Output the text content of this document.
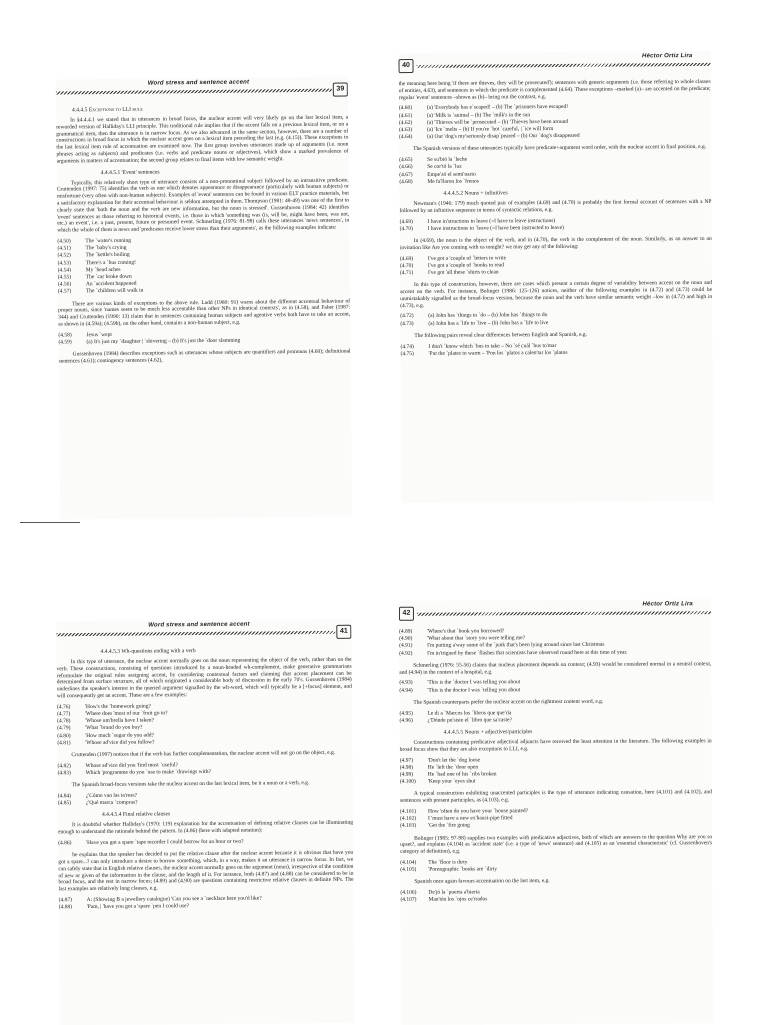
Word stress and sentence accent
39
4.4.4.5 Exceptions to LLI rule

In §4.4.4.1 we stated that in utterances in broad focus, the nuclear accent will very likely go on the last lexical item, a reworded version of Halliday's LLI principle. This traditional rule implies that if the accent falls on a previous lexical item, or on a grammatical item, then the utterance is in narrow focus. As we also advanced in the same section, however, there are a number of constructions in broad focus in which the nuclear accent goes on a lexical item preceding the last (e.g. (4.15)). These exceptions to the last lexical item rule of accentuation are examined now. The first group involves utterances made up of arguments (i.e. noun phrases acting as subjects) and predicates (i.e. verbs and predicate nouns or adjectives), which show a marked prevalence of arguments in matters of accentuation; the second group relates to final items with low semantic weight.

4.4.4.5.1 'Event' sentences

Typically, this relatively short type of utterance consists of a non-pronominal subject followed by an intransitive predicate. Cruttenden (1997: 75) identifies the verb as one which denotes appearance or disappearance (particularly with human subjects) or misfortune (very often with non-human subjects). Examples of 'event' sentences can be found in various ELT practice materials, but a satisfactory explanation for their accentual behaviour is seldom attempted in them. Thompson (1981: 48-49) was one of the first to clearly state that 'both the noun and the verb are new information, but the noun is stressed'. Gussenhoven (1984: 42) identifies 'event' sentences as those referring to historical events, i.e. those in which 'something was (is, will be, might have been, was not, etc.) an event', i.e. a past, present, future or presumed event. Schmerling (1976: 81-98) calls these utterances 'news sentences', in which the whole of them is news and 'predicates receive lower stress than their arguments', as the following examples indicate:

(4.50)	The ˋwater's running
(4.51)	The ˋbaby's crying
(4.52)	The ˋkettle's boiling
(4.53)	There's a ˋbus coming!
(4.54)	My ˋhead aches
(4.55)	The ˋcar broke down
(4.56)	An ˋaccident happened
(4.57)	The ˋchildren will walk in

There are various kinds of exceptions to the above rule. Ladd (1980: 91) warns about the different accentual behaviour of proper nouns, since 'names seem to be much less accentable than other NPs in identical contexts', as in (4.58), and Faber (1987: 344) and Cruttenden (1990: 13) claim that in sentences containing human subjects and agentive verbs both have to take an accent, as shown in (4.59a); (4.59b), on the other hand, contains a non-human subject, e.g.

(4.58)	Jesus ˋwept
(4.59)	(a) It's just my ˋdaughter | ˋshivering – (b) It's just the ˋdoor slamming

Gussenhoven (1984) describes exceptions such as utterances whose subjects are quantifiers and pronouns (4.60); definitional sentences (4.61); contingency sentences (4.62),

40
Héctor Ortiz Lira

the meaning here being 'if there are thieves, they will be prosecuted'); sentences with generic arguments (i.e. those referring to whole classes of entities, 4.63), and sentences in which the predicate is complemented (4.64). These exceptions –marked (a)– are accented on the predicate; regular 'event' sentences –shown as (b)– bring out the contrast, e.g.

(4.60)	(a) 'Everybody has eˋscaped! – (b) The ˋprisoners have escaped!
(4.61)	(a) 'Milk is ˋanimal – (b) The ˋmilk's in the sun
(4.62)	(a) 'Thieves will be ˋprosecuted – (b) 'Thieves have been around
(4.63)	(a) 'Ice ˋmelts – (b) If you're ˋhot ˋcareful, | ˋice will form
(4.64)	(a) Our 'dog's my'seriously disapˋpeared – (b) Our ˋdog's disappeared

The Spanish versions of these utterances typically have predicate+argument word order, with the nuclear accent in final position, e.g.

(4.65)	Se su'bió la ˋleche
(4.66)	Se cor'tó la ˋluz
(4.67)	Empe'zó el semi'nario
(4.68)	Me fa'llaron los ˋfrenos
4.4.4.5.2 Nouns + infinitives

Newman's (1946: 179) much quoted pair of examples (4.69) and (4.70) is probably the first formal account of sentences with a NP followed by an infinitive sequence in terms of syntactic relations, e.g.

(4.69)	I have in'structions to leave (=I have to leave instructions)
(4.70)	I have instructions to ˋleave (=I have been instructed to leave)

In (4.69), the noun is the object of the verb, and in (4.70), the verb is the complement of the noun. Similarly, as an answer to an invitation like Are you coming with us tonight? we may get any of the following:

(4.69)	I've got a 'couple of ˋletters to write
(4.70)	I've got a 'couple of ˋbooks to read
(4.71)	I've got 'all these ˋshirts to clean

In this type of construction, however, there are cases which present a certain degree of variability between accent on the noun and accent on the verb. For instance, Bolinger (1986: 125-126) notices, neither of the following examples in (4.72) and (4.73) could be unmistakably signalled as the broad-focus version, because the noun and the verb have similar semantic weight –low in (4.72) and high in (4.73), e.g.

(4.72)	(a) John has ˋthings to ˋdo – (b) John has ˋthings to do
(4.73)	(a) John has a ˋlife to ˋlive – (b) John has a ˋlife to live

The following pairs reveal clear differences between English and Spanish, e.g.

(4.74)	I don't ˋknow which ˋbus to take – No ˋsé cuál ˋbus to'mar
(4.75)	'Put the ˋplates to warm – 'Pon los ˋplatos a calen'tar los ˋplatos
Word stress and sentence accent
41
4.4.4.5.3 Wh-questions ending with a verb

In this type of utterance, the nuclear accent normally goes on the noun representing the object of the verb, rather than on the verb. These constructions, consisting of questions introduced by a noun-headed wh-complement, make generative grammarians reformulate the original rules assigning accent, by considering contextual factors and claiming that accent placement can be determined from surface structure, all of which originated a considerable body of discussion in the early 70's. Gussenhoven (1984) underlines the speaker's interest in the queried argument signalled by the wh-word, which will typically be a [+focus] element, and will consequently get an accent. These are a few examples:

(4.76)	'How's the ˋhomework going?
(4.77)	'Where does 'most of our ˋfruit go to?
(4.78)	'Whose um'brella have I taken?
(4.79)	'What ˋbrand do you buy?
(4.80)	'How much ˋsugar do you add?
(4.81)	'Whose ad'vice did you follow?

Cruttenden (1997) notices that if the verb has further complementation, the nuclear accent will not go on the object, e.g.

(4.82)	Whose ad'vice did you 'find most ˋuseful?
(4.83)	Which 'programme do you ˋuse to make ˋdrawings with?

The Spanish broad-focus versions take the nuclear accent on the last lexical item, be it a noun or a verb, e.g.

(4.84)	¿'Cómo van las ta'reas?
(4.85)	¿'Qué marca ˋcompras?
4.4.4.5.4 Final relative clauses

It is doubtful whether Halliday's (1970: 119) explanation for the accentuation of defining relative clauses can be illuminating enough to understand the rationale behind the pattern. In (4.86) (here with adapted notation):

(4.86)	'Have you got a spare ˋtape recorder I could borrow for an hour or two?

he explains that the speaker has decided to put the relative clause after the nuclear accent because it is obvious that have you got a spare...? can only introduce a desire to borrow something, which, in a way, makes it an utterance in narrow focus. In fact, we can safely state that in English relative clauses, the nuclear accent normally goes on the argument (noun), irrespective of the condition of new or given of the information in the clause, and the length of it. For instance, both (4.87) and (4.88) can be considered to be in broad focus, and the rest in narrow focus; (4.89) and (4.90) are questions containing restrictive relative clauses in definite NPs. The last examples are relatively long clauses, e.g.

(4.87)	A: (Showing B a jewellery catalogue) 'Can you see a ˋnecklace here you'd like?
(4.88)	'Pam, | 'have you got a 'spare ˋpen I could use?
42
Héctor Ortiz Lira
(4.89)	'Where's that ˋbook you borrowed?
(4.90)	'What about that ˋstory you were telling me?
(4.91)	I'm putting a'way some of the ˋjunk that's been lying around since last Christmas
(4.92)	I'm in'trigued by these ˋflashes that scientists have observed round here at this time of year.

Schmerling (1976: 55-56) claims that nucleus placement depends on context; (4.93) would be considered normal in a neutral context, and (4.94) in the context of a hospital, e.g.

(4.93)	'This is the ˋdoctor I was telling you about
(4.94)	'This is the doctor I was ˋtelling you about

The Spanish counterparts prefer the nuclear accent on the rightmost content word, e.g.

(4.95)	Le di a ˋMarcos los ˋlibros que que'ría
(4.96)	¿'Dónde pu'siste el ˋlibro que sa'caste?
4.4.4.5.5 Nouns + adjectives/participles

Constructions containing predicative adjectival adjuncts have received the least attention in the literature. The following examples in broad focus show that they are also exceptions to LLI, e.g.

(4.97)	'Don't let the ˋdog loose
(4.98)	He ˋleft the ˋdoor open
(4.99)	He ˋhad one of his ˋribs broken
(4.100)	'Keep your ˋeyes shut

A typical construction exhibiting unaccented participles is the type of utterance indicating causation, here (4.101) and (4.102), and sentences with present participles, as (4.103), e.g.

(4.101)	How 'often do you have your ˋhouse painted?
(4.102)	I 'must have a new ex'haust-pipe fitted
(4.103)	'Get the ˋfire going

Bolinger (1985: 97-98) supplies two examples with predicative adjectives, both of which are answers to the question Why are you so upset?, and explains (4.104) as 'accident state' (i.e. a type of 'news' sentence) and (4.105) as an 'essential characteristic' (cf. Gussenhoven's category of definition), e.g.

(4.104)	The ˋfloor is dirty
(4.105)	'Pornographic ˋbooks are ˋdirty

Spanish once again favours accentuation on the last item, e.g.

(4.106)	De'jó la ˋpuerta a'bierta
(4.107)	Man'tén los ˋojos ce'rrados
